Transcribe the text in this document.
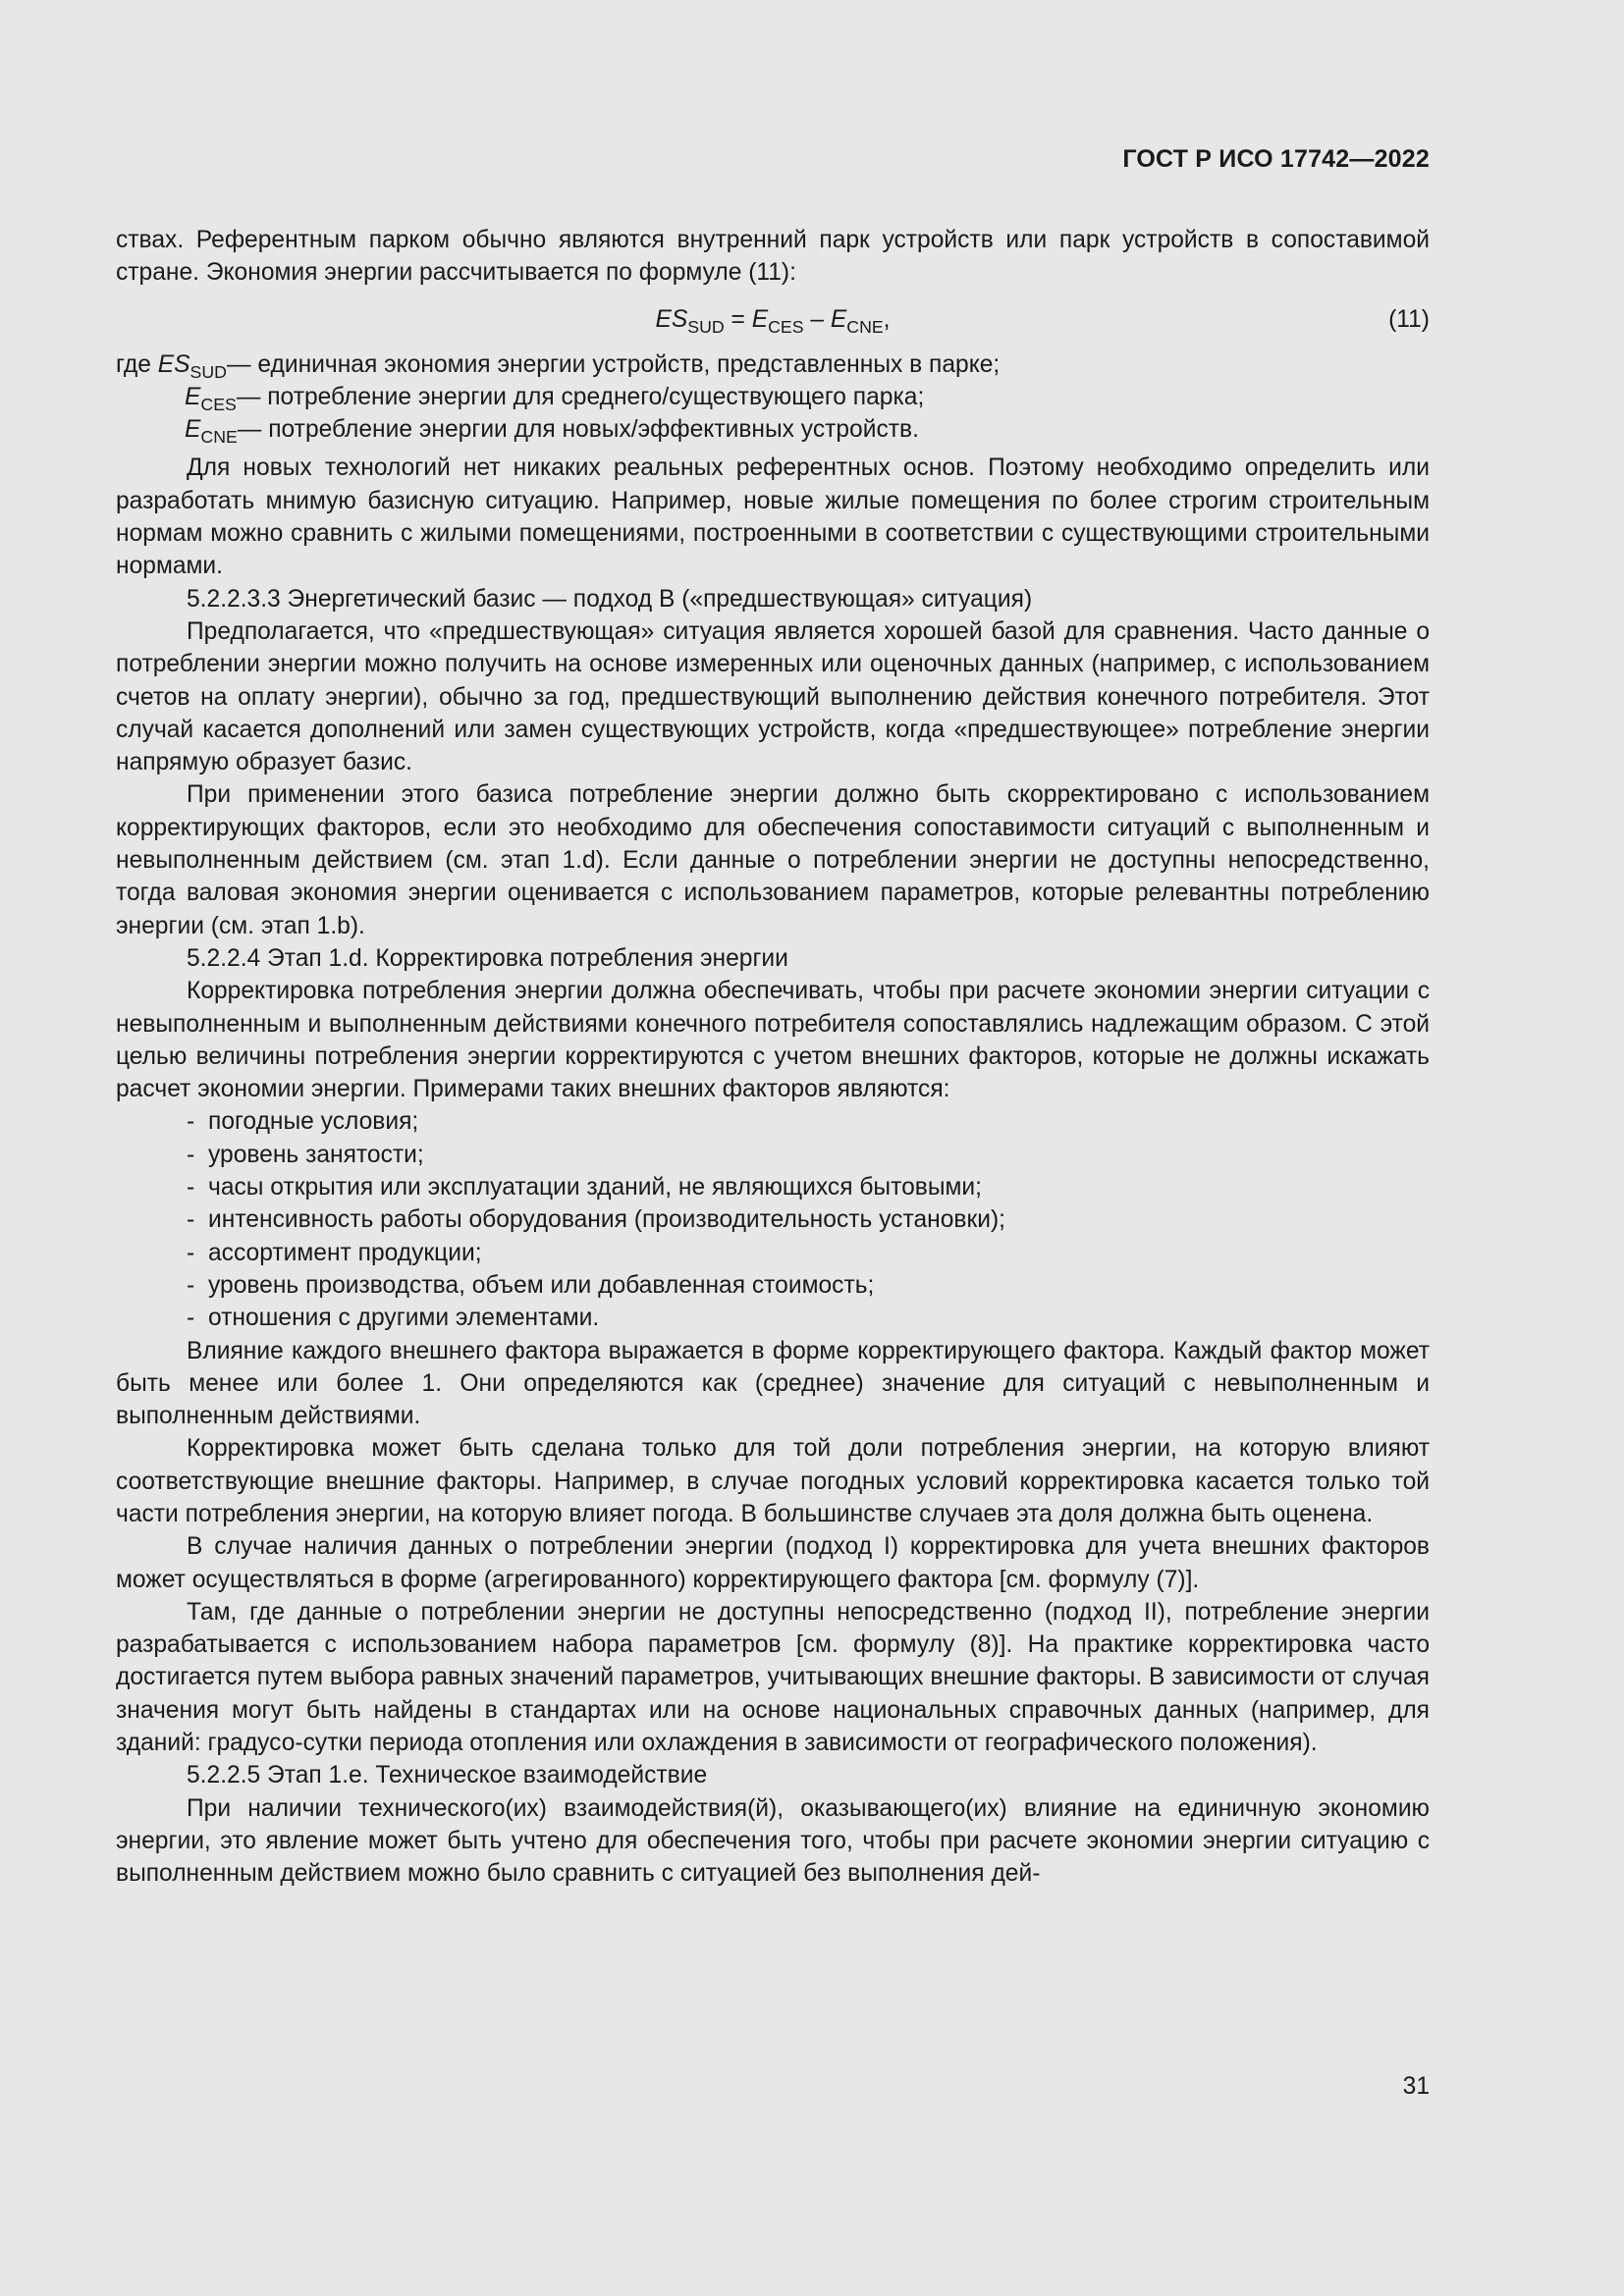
ГОСТ Р ИСО 17742—2022

ствах. Референтным парком обычно являются внутренний парк устройств или парк устройств в сопоставимой стране. Экономия энергии рассчитывается по формуле (11):

$ES_{SUD} = E_{CES} - E_{CNE}$,	(11)
где $ES_{SUD}$ — единичная экономия энергии устройств, представленных в парке;
$E_{CES}$ — потребление энергии для среднего/существующего парка;
$E_{CNE}$ — потребление энергии для новых/эффективных устройств.

Для новых технологий нет никаких реальных референтных основ. Поэтому необходимо определить или разработать мнимую базисную ситуацию. Например, новые жилые помещения по более строгим строительным нормам можно сравнить с жилыми помещениями, построенными в соответствии с существующими строительными нормами.

5.2.2.3.3 Энергетический базис — подход В («предшествующая» ситуация)

Предполагается, что «предшествующая» ситуация является хорошей базой для сравнения. Часто данные о потреблении энергии можно получить на основе измеренных или оценочных данных (например, с использованием счетов на оплату энергии), обычно за год, предшествующий выполнению действия конечного потребителя. Этот случай касается дополнений или замен существующих устройств, когда «предшествующее» потребление энергии напрямую образует базис.

При применении этого базиса потребление энергии должно быть скорректировано с использованием корректирующих факторов, если это необходимо для обеспечения сопоставимости ситуаций с выполненным и невыполненным действием (см. этап 1.d). Если данные о потреблении энергии не доступны непосредственно, тогда валовая экономия энергии оценивается с использованием параметров, которые релевантны потреблению энергии (см. этап 1.b).

5.2.2.4 Этап 1.d. Корректировка потребления энергии

Корректировка потребления энергии должна обеспечивать, чтобы при расчете экономии энергии ситуации с невыполненным и выполненным действиями конечного потребителя сопоставлялись надлежащим образом. С этой целью величины потребления энергии корректируются с учетом внешних факторов, которые не должны искажать расчет экономии энергии. Примерами таких внешних факторов являются:

- погодные условия;
- уровень занятости;
- часы открытия или эксплуатации зданий, не являющихся бытовыми;
- интенсивность работы оборудования (производительность установки);
- ассортимент продукции;
- уровень производства, объем или добавленная стоимость;
- отношения с другими элементами.

Влияние каждого внешнего фактора выражается в форме корректирующего фактора. Каждый фактор может быть менее или более 1. Они определяются как (среднее) значение для ситуаций с невыполненным и выполненным действиями.

Корректировка может быть сделана только для той доли потребления энергии, на которую влияют соответствующие внешние факторы. Например, в случае погодных условий корректировка касается только той части потребления энергии, на которую влияет погода. В большинстве случаев эта доля должна быть оценена.

В случае наличия данных о потреблении энергии (подход I) корректировка для учета внешних факторов может осуществляться в форме (агрегированного) корректирующего фактора [см. формулу (7)].

Там, где данные о потреблении энергии не доступны непосредственно (подход II), потребление энергии разрабатывается с использованием набора параметров [см. формулу (8)]. На практике корректировка часто достигается путем выбора равных значений параметров, учитывающих внешние факторы. В зависимости от случая значения могут быть найдены в стандартах или на основе национальных справочных данных (например, для зданий: градусо-сутки периода отопления или охлаждения в зависимости от географического положения).

5.2.2.5 Этап 1.е. Техническое взаимодействие

При наличии технического(их) взаимодействия(й), оказывающего(их) влияние на единичную экономию энергии, это явление может быть учтено для обеспечения того, чтобы при расчете экономии энергии ситуацию с выполненным действием можно было сравнить с ситуацией без выполнения дей-

31
